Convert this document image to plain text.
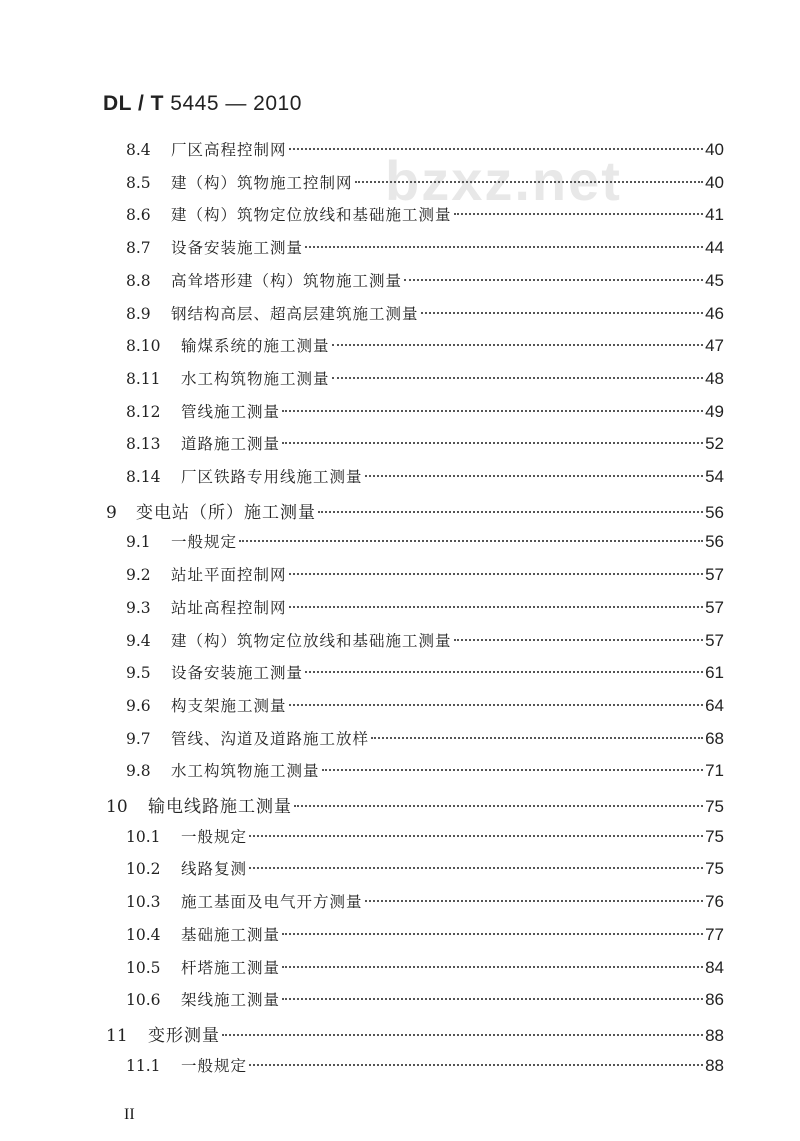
DL / T 5445 — 2010
bzxz.net
8.4	厂区高程控制网	40
8.5	建（构）筑物施工控制网	40
8.6	建（构）筑物定位放线和基础施工测量	41
8.7	设备安装施工测量	44
8.8	高耸塔形建（构）筑物施工测量	45
8.9	钢结构高层、超高层建筑施工测量	46
8.10	输煤系统的施工测量	47
8.11	水工构筑物施工测量	48
8.12	管线施工测量	49
8.13	道路施工测量	52
8.14	厂区铁路专用线施工测量	54
9	变电站（所）施工测量	56
9.1	一般规定	56
9.2	站址平面控制网	57
9.3	站址高程控制网	57
9.4	建（构）筑物定位放线和基础施工测量	57
9.5	设备安装施工测量	61
9.6	构支架施工测量	64
9.7	管线、沟道及道路施工放样	68
9.8	水工构筑物施工测量	71
10	输电线路施工测量	75
10.1	一般规定	75
10.2	线路复测	75
10.3	施工基面及电气开方测量	76
10.4	基础施工测量	77
10.5	杆塔施工测量	84
10.6	架线施工测量	86
11	变形测量	88
11.1	一般规定	88
II
